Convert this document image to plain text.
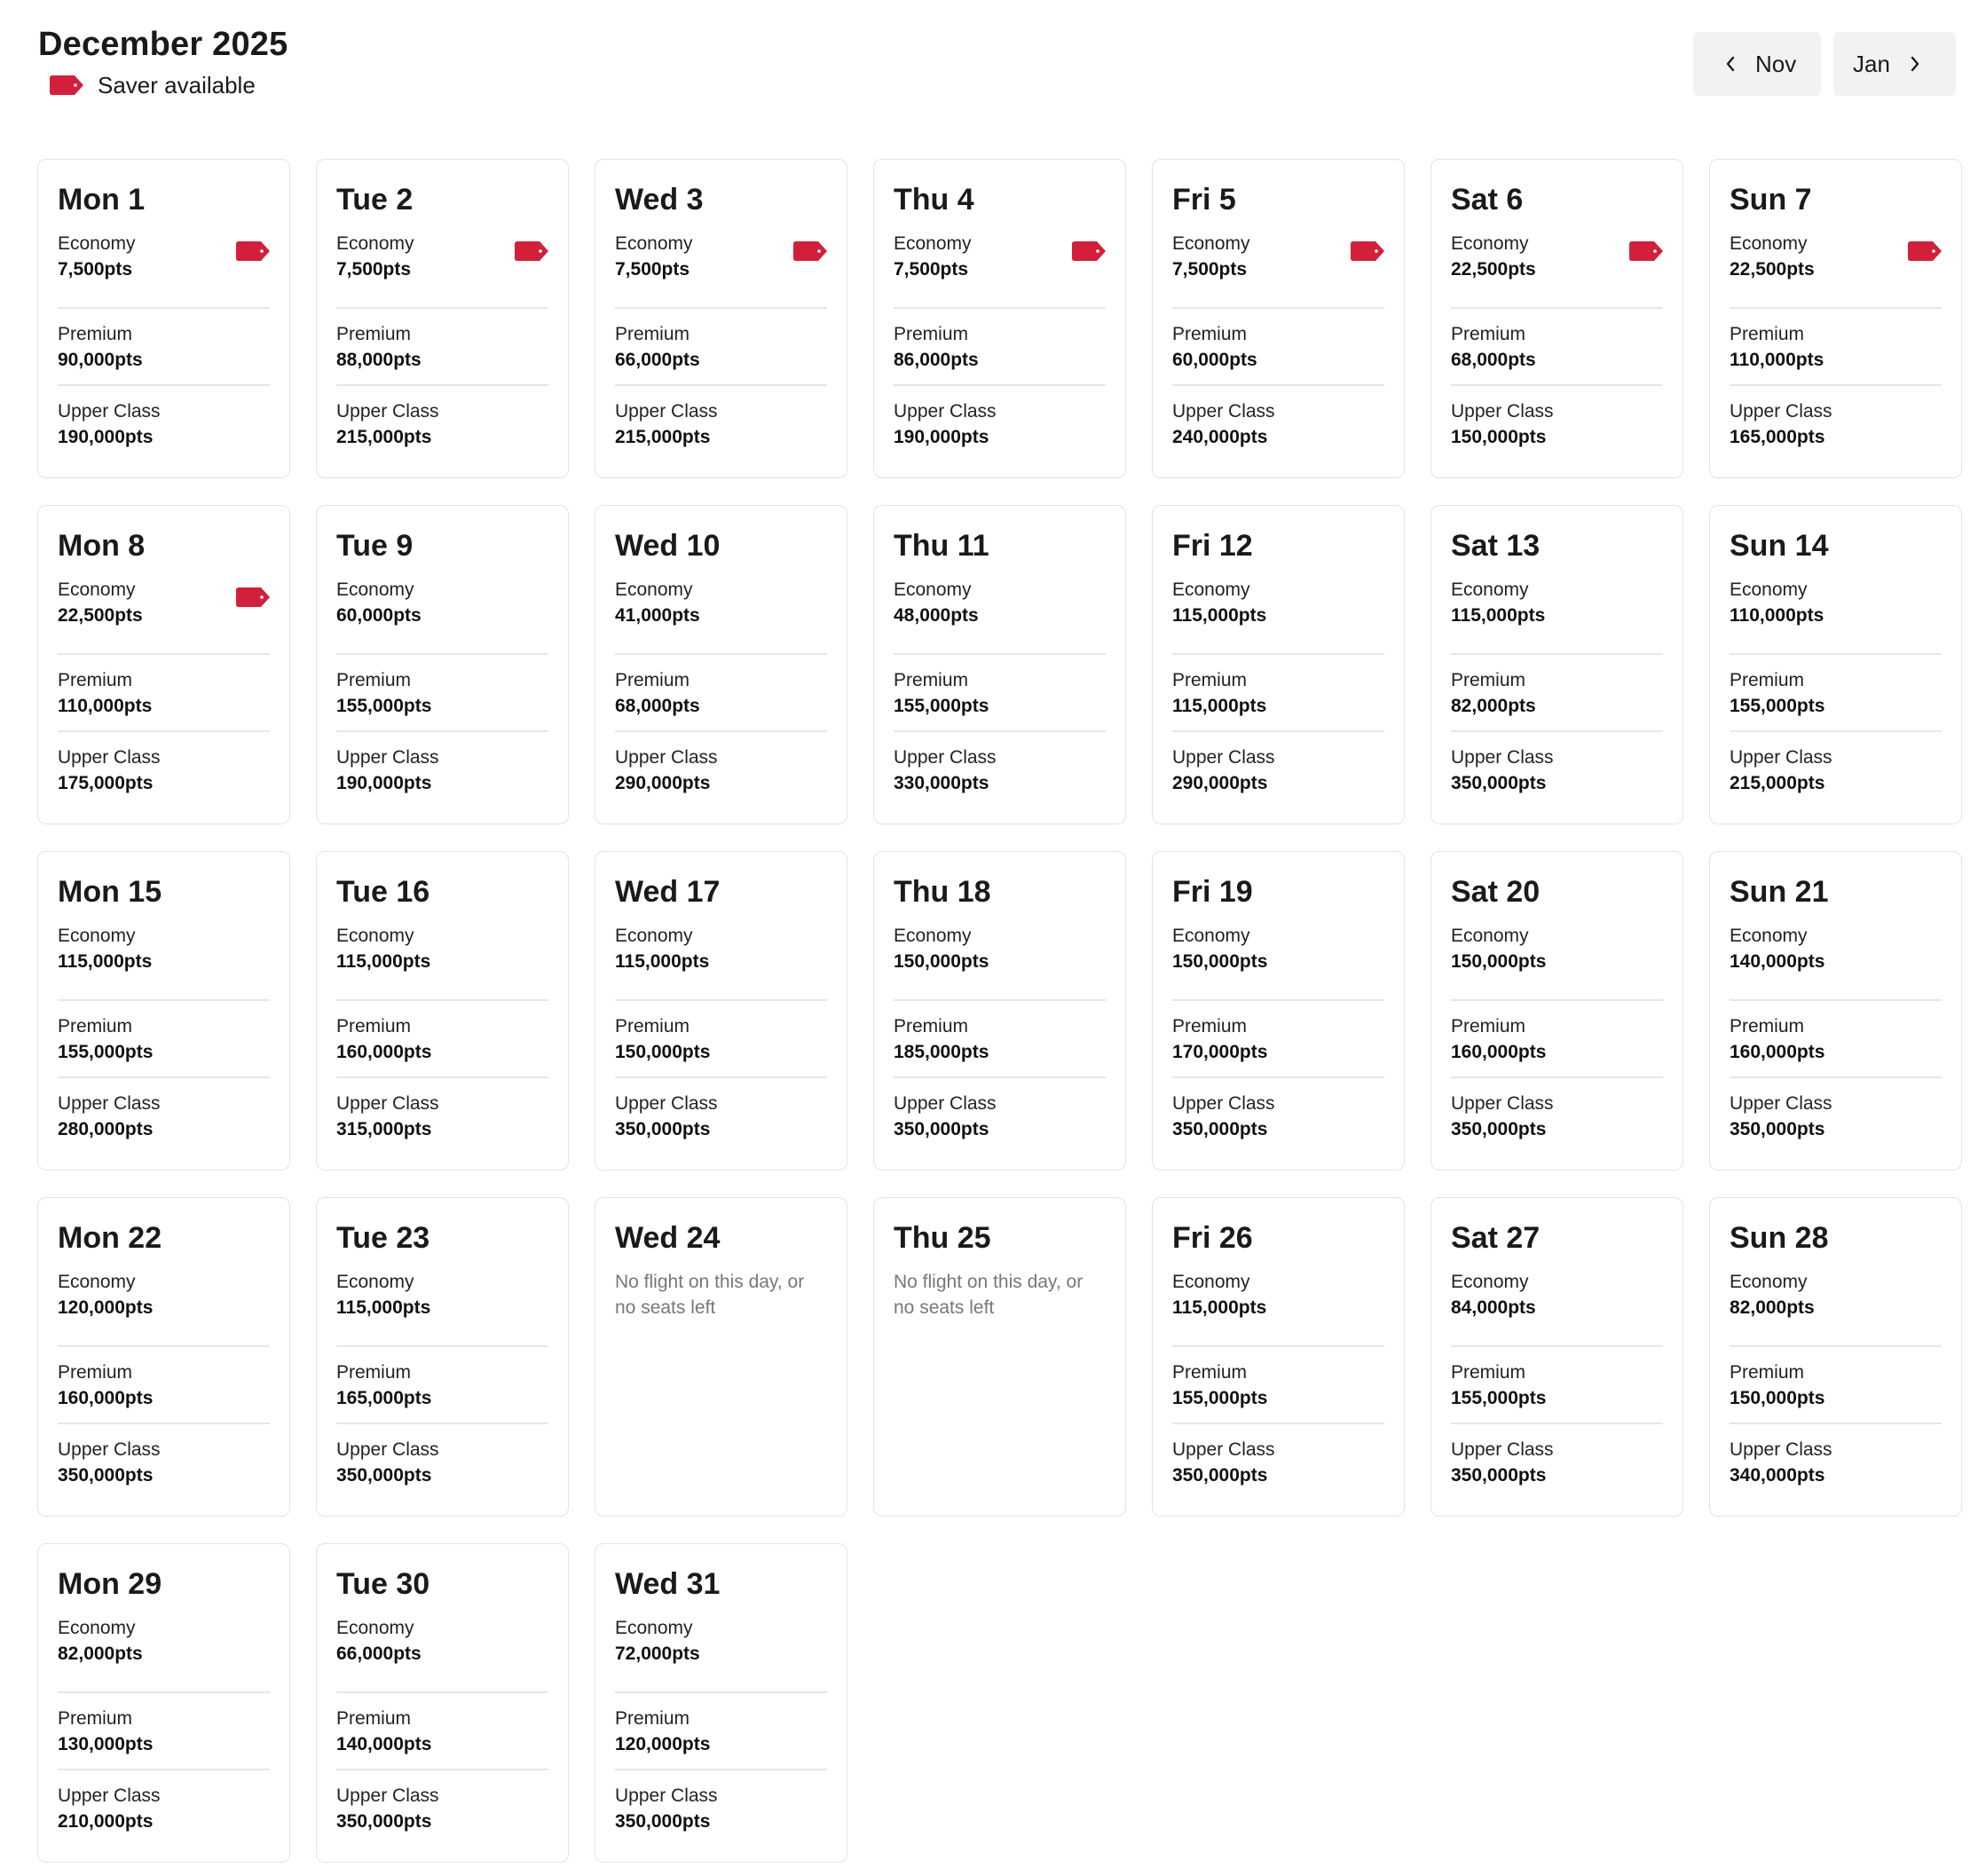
December 2025
Saver available
Nov Jan
Mon 1
Economy
7,500pts
Premium
90,000pts
Upper Class
190,000pts
Tue 2
Economy
7,500pts
Premium
88,000pts
Upper Class
215,000pts
Wed 3
Economy
7,500pts
Premium
66,000pts
Upper Class
215,000pts
Thu 4
Economy
7,500pts
Premium
86,000pts
Upper Class
190,000pts
Fri 5
Economy
7,500pts
Premium
60,000pts
Upper Class
240,000pts
Sat 6
Economy
22,500pts
Premium
68,000pts
Upper Class
150,000pts
Sun 7
Economy
22,500pts
Premium
110,000pts
Upper Class
165,000pts
Mon 8
Economy
22,500pts
Premium
110,000pts
Upper Class
175,000pts
Tue 9
Economy
60,000pts
Premium
155,000pts
Upper Class
190,000pts
Wed 10
Economy
41,000pts
Premium
68,000pts
Upper Class
290,000pts
Thu 11
Economy
48,000pts
Premium
155,000pts
Upper Class
330,000pts
Fri 12
Economy
115,000pts
Premium
115,000pts
Upper Class
290,000pts
Sat 13
Economy
115,000pts
Premium
82,000pts
Upper Class
350,000pts
Sun 14
Economy
110,000pts
Premium
155,000pts
Upper Class
215,000pts
Mon 15
Economy
115,000pts
Premium
155,000pts
Upper Class
280,000pts
Tue 16
Economy
115,000pts
Premium
160,000pts
Upper Class
315,000pts
Wed 17
Economy
115,000pts
Premium
150,000pts
Upper Class
350,000pts
Thu 18
Economy
150,000pts
Premium
185,000pts
Upper Class
350,000pts
Fri 19
Economy
150,000pts
Premium
170,000pts
Upper Class
350,000pts
Sat 20
Economy
150,000pts
Premium
160,000pts
Upper Class
350,000pts
Sun 21
Economy
140,000pts
Premium
160,000pts
Upper Class
350,000pts
Mon 22
Economy
120,000pts
Premium
160,000pts
Upper Class
350,000pts
Tue 23
Economy
115,000pts
Premium
165,000pts
Upper Class
350,000pts
Wed 24
No flight on this day, or no seats left
Thu 25
No flight on this day, or no seats left
Fri 26
Economy
115,000pts
Premium
155,000pts
Upper Class
350,000pts
Sat 27
Economy
84,000pts
Premium
155,000pts
Upper Class
350,000pts
Sun 28
Economy
82,000pts
Premium
150,000pts
Upper Class
340,000pts
Mon 29
Economy
82,000pts
Premium
130,000pts
Upper Class
210,000pts
Tue 30
Economy
66,000pts
Premium
140,000pts
Upper Class
350,000pts
Wed 31
Economy
72,000pts
Premium
120,000pts
Upper Class
350,000pts
